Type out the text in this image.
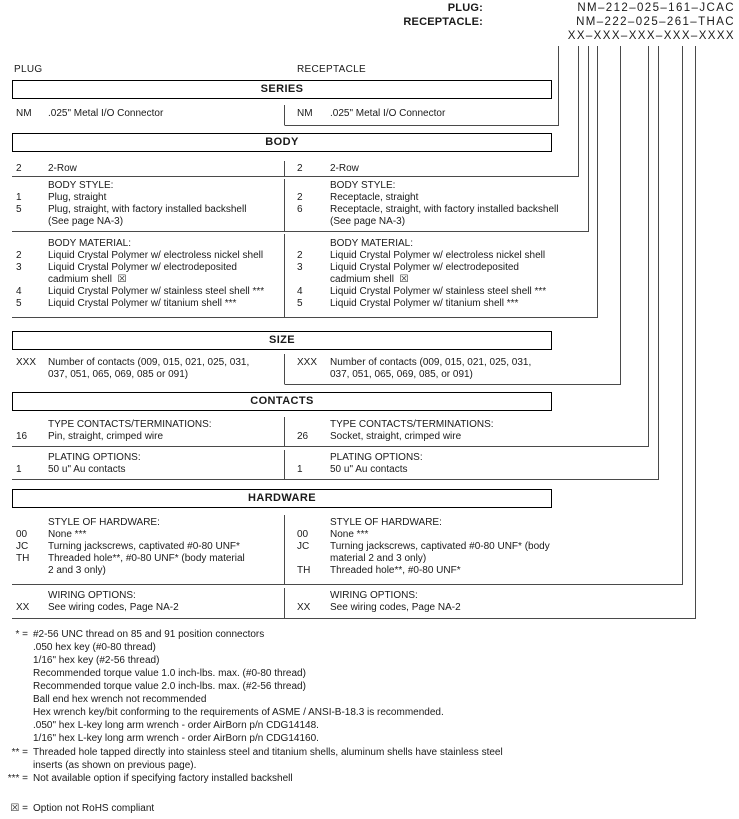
PLUG:	NM–212–025–161–JCAC
RECEPTACLE:	NM–222–025–261–THAC
XX–XXX–XXX–XXX–XXXX
PLUG	RECEPTACLE
SERIES
BODY
SIZE
CONTACTS
HARDWARE
NM .025" Metal I/O Connector	NM .025" Metal I/O Connector
2	2-Row	2	2-Row
BODY STYLE:
1	Plug, straight
5	Plug, straight, with factory installed backshell
(See page NA-3)
BODY STYLE:
2	Receptacle, straight
6	Receptacle, straight, with factory installed backshell
(See page NA-3)
BODY MATERIAL:
2	Liquid Crystal Polymer w/ electroless nickel shell
3	Liquid Crystal Polymer w/ electrodeposited
cadmium shell  ☒
4	Liquid Crystal Polymer w/ stainless steel shell ***
5	Liquid Crystal Polymer w/ titanium shell ***
BODY MATERIAL:
2	Liquid Crystal Polymer w/ electroless nickel shell
3	Liquid Crystal Polymer w/ electrodeposited
cadmium shell  ☒
4	Liquid Crystal Polymer w/ stainless steel shell ***
5	Liquid Crystal Polymer w/ titanium shell ***
XXX Number of contacts (009, 015, 021, 025, 031,
037, 051, 065, 069, 085 or 091)
XXX Number of contacts (009, 015, 021, 025, 031,
037, 051, 065, 069, 085, or 091)
TYPE CONTACTS/TERMINATIONS:
16 Pin, straight, crimped wire
TYPE CONTACTS/TERMINATIONS:
26 Socket, straight, crimped wire
PLATING OPTIONS:
1	50 u" Au contacts
PLATING OPTIONS:
1	50 u" Au contacts
STYLE OF HARDWARE:
00 None ***
JC Turning jackscrews, captivated #0-80 UNF*
TH Threaded hole**, #0-80 UNF* (body material
2 and 3 only)
STYLE OF HARDWARE:
00 None ***
JC Turning jackscrews, captivated #0-80 UNF* (body
material 2 and 3 only)
TH Threaded hole**, #0-80 UNF*
WIRING OPTIONS:
XX See wiring codes, Page NA-2
WIRING OPTIONS:
XX See wiring codes, Page NA-2
* = #2-56 UNC thread on 85 and 91 position connectors
.050 hex key (#0-80 thread)
1/16" hex key (#2-56 thread)
Recommended torque value 1.0 inch-lbs. max. (#0-80 thread)
Recommended torque value 2.0 inch-lbs. max. (#2-56 thread)
Ball end hex wrench not recommended
Hex wrench key/bit conforming to the requirements of ASME / ANSI-B-18.3 is recommended.
.050" hex L-key long arm wrench - order AirBorn p/n CDG14148.
1/16" hex L-key long arm wrench - order AirBorn p/n CDG14160.
** = Threaded hole tapped directly into stainless steel and titanium shells, aluminum shells have stainless steel
inserts (as shown on previous page).
*** = Not available option if specifying factory installed backshell
☒ = Option not RoHS compliant
